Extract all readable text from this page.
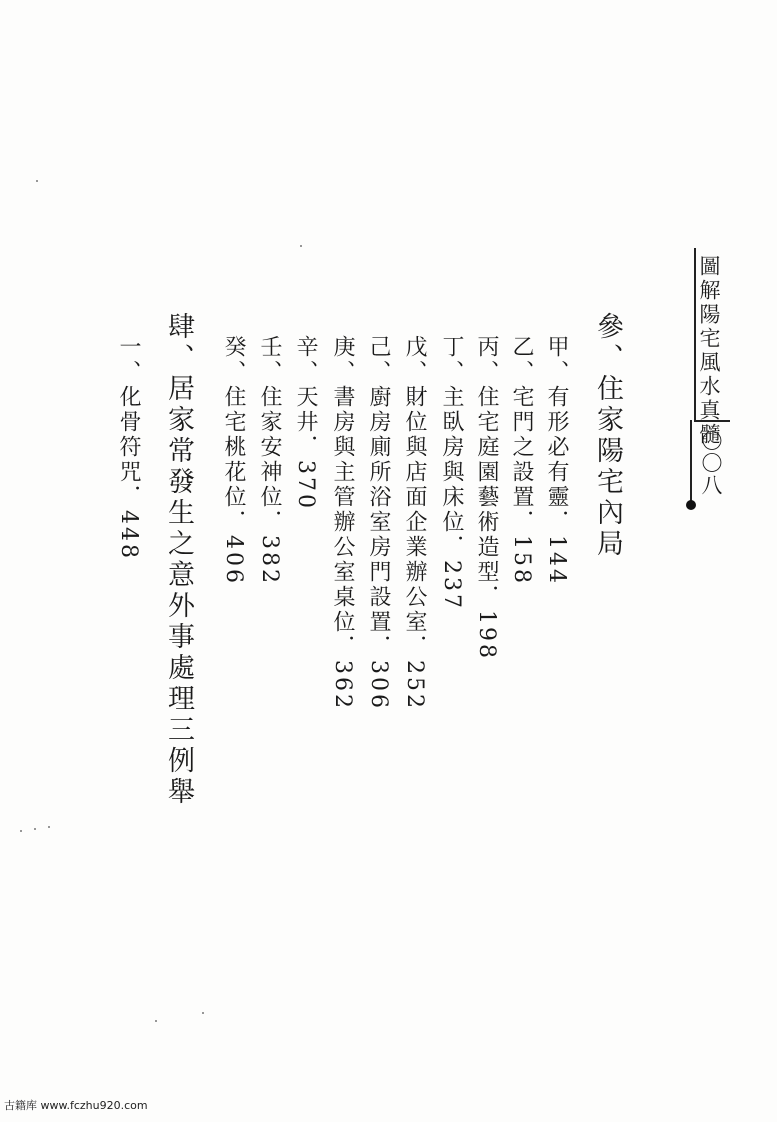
圖解陽宅風水真髓
〇〇八
參、住家陽宅內局
甲、有形必有靈．144
乙、宅門之設置．158
丙、住宅庭園藝術造型．198
丁、主臥房與床位．237
戊、財位與店面企業辦公室．252
己、廚房廁所浴室房門設置．306
庚、書房與主管辦公室桌位．362
辛、天井．370
壬、住家安神位．382
癸、住宅桃花位．406
肆、居家常發生之意外事處理三例舉
一、化骨符咒．448
古籍库 www.fczhu920.com
